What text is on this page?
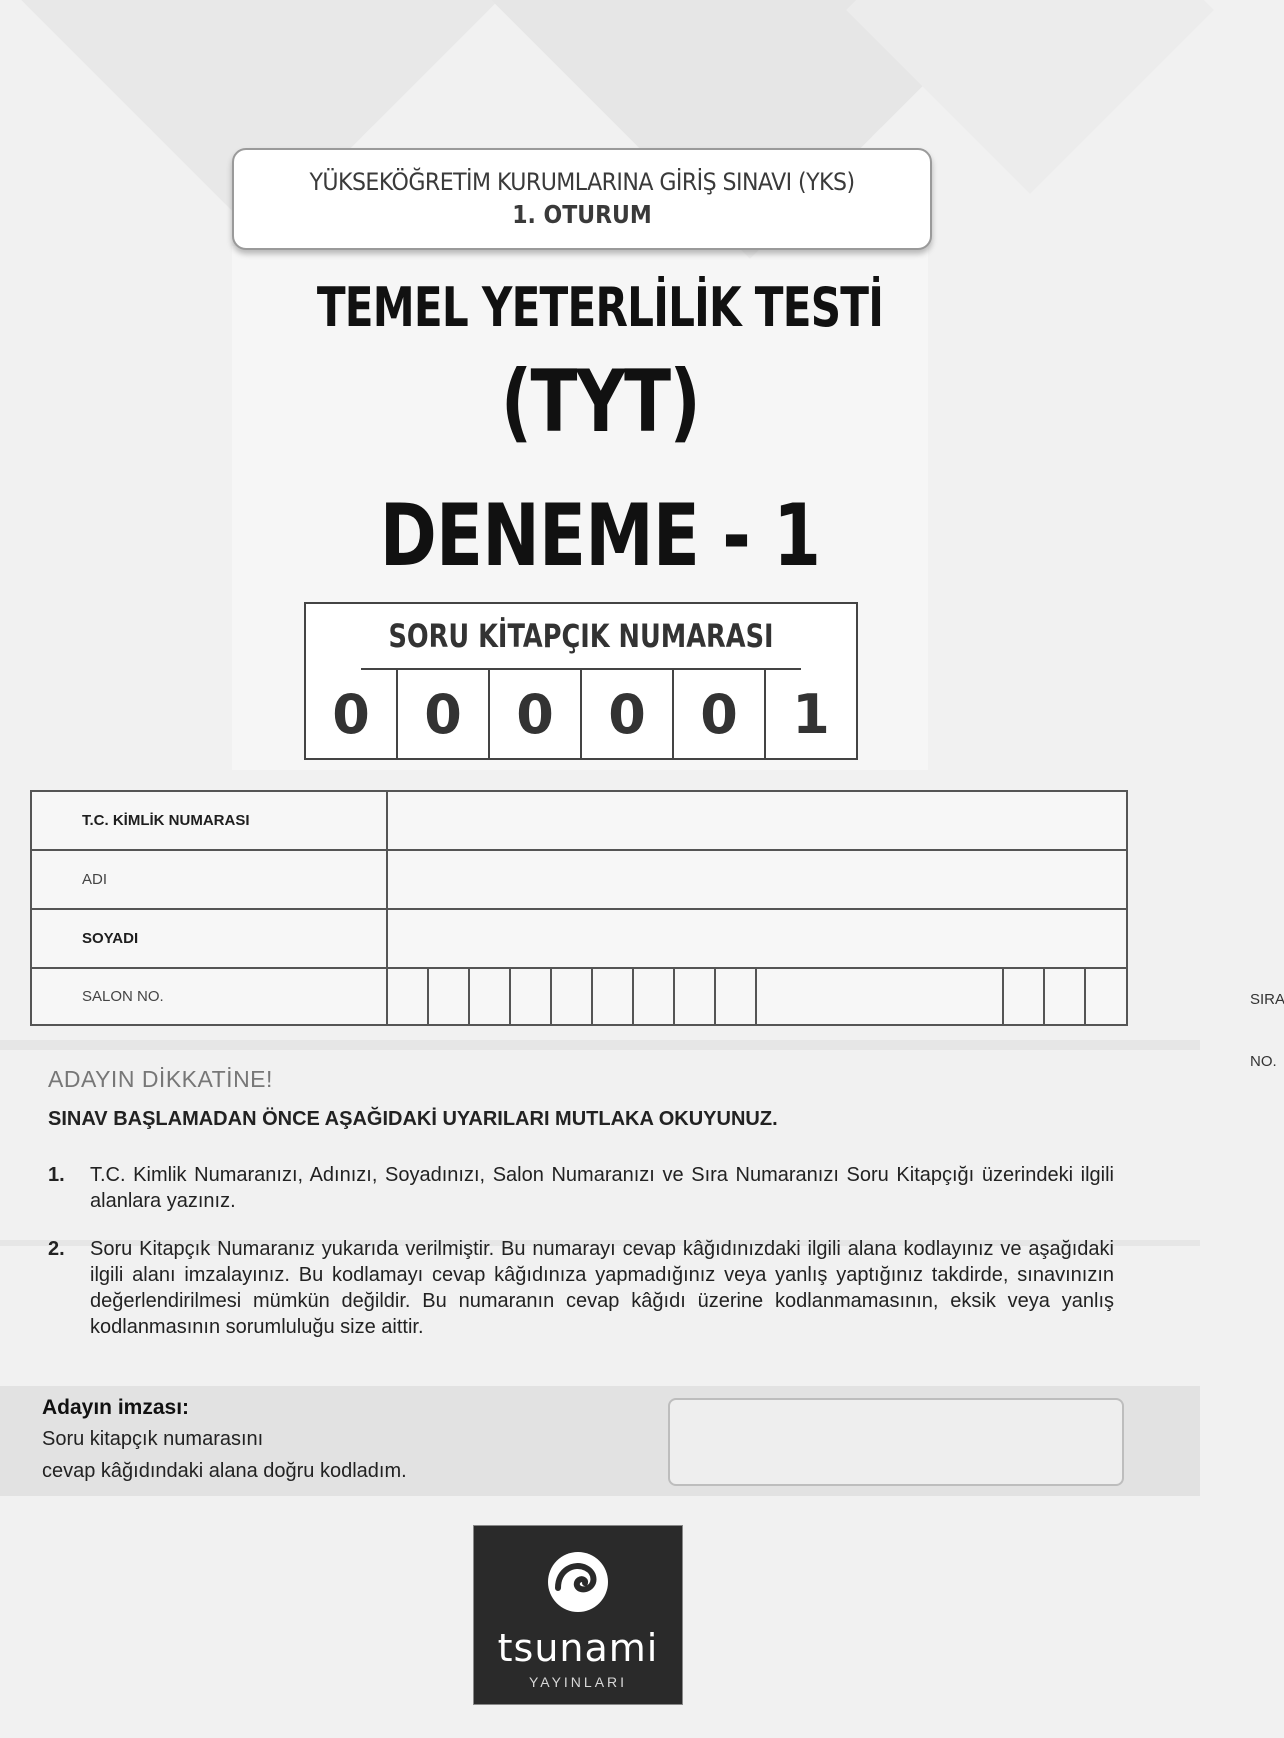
YÜKSEKÖĞRETİM KURUMLARINA GİRİŞ SINAVI (YKS)
1. OTURUM
TEMEL YETERLİLİK TESTİ
(TYT)
DENEME - 1
SORU KİTAPÇIK NUMARASI
0	0	0	0	0	1
T.C. KİMLİK NUMARASI
ADI
SOYADI
SALON NO.	SIRA NO.
ADAYIN DİKKATİNE!
SINAV BAŞLAMADAN ÖNCE AŞAĞIDAKİ UYARILARI MUTLAKA OKUYUNUZ.
1. T.C. Kimlik Numaranızı, Adınızı, Soyadınızı, Salon Numaranızı ve Sıra Numaranızı Soru Kitapçığı üzerindeki ilgili alanlara yazınız.
2. Soru Kitapçık Numaranız yukarıda verilmiştir. Bu numarayı cevap kâğıdınızdaki ilgili alana kodlayınız ve aşağıdaki ilgili alanı imzalayınız. Bu kodlamayı cevap kâğıdınıza yapmadığınız veya yanlış yaptığınız takdirde, sınavınızın değerlendirilmesi mümkün değildir. Bu numaranın cevap kâğıdı üzerine kodlanmamasının, eksik veya yanlış kodlanmasının sorumluluğu size aittir.
Adayın imzası:
Soru kitapçık numarasını
cevap kâğıdındaki alana doğru kodladım.
tsunami
YAYINLARI
